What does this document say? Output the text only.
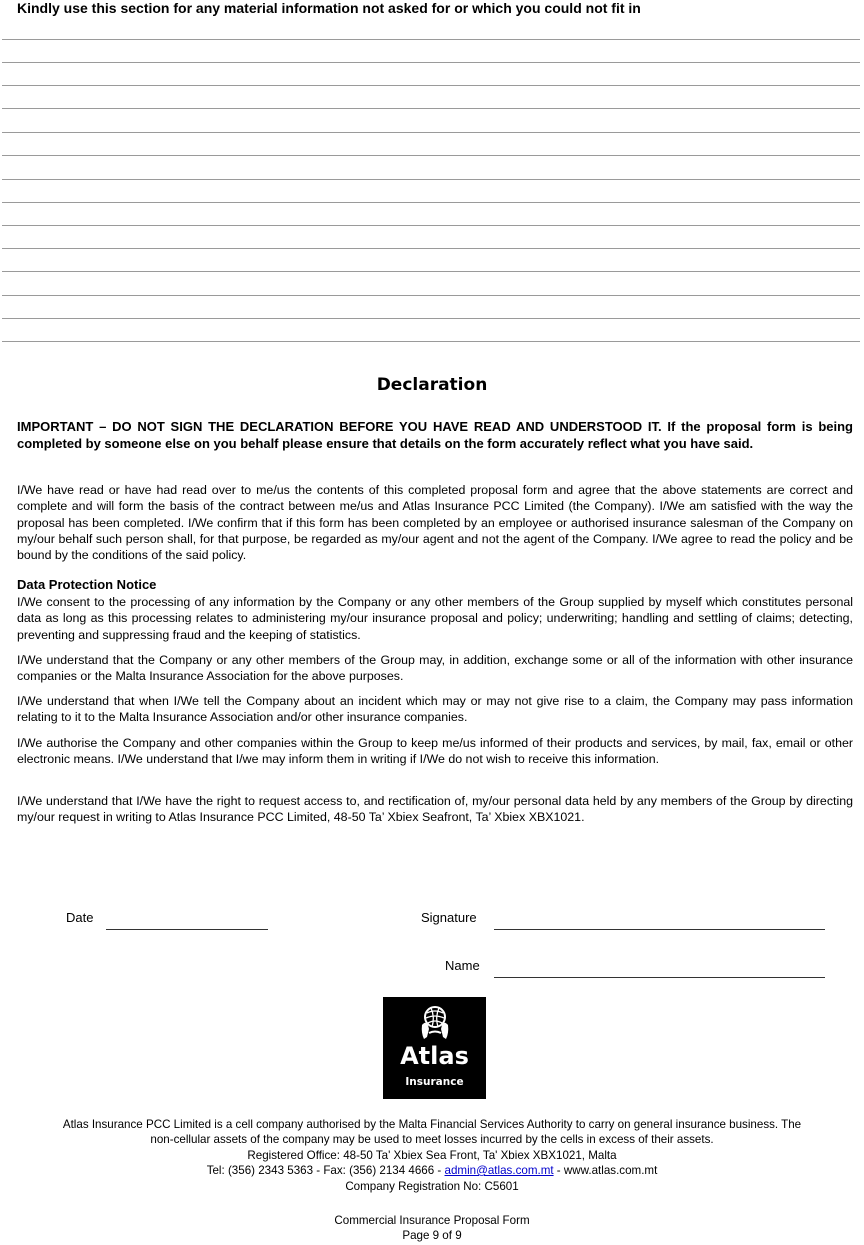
Kindly use this section for any material information not asked for or which you could not fit in
Declaration

IMPORTANT – DO NOT SIGN THE DECLARATION BEFORE YOU HAVE READ AND UNDERSTOOD IT. If the proposal form is being completed by someone else on you behalf please ensure that details on the form accurately reflect what you have said.

I/We have read or have had read over to me/us the contents of this completed proposal form and agree that the above statements are correct and complete and will form the basis of the contract between me/us and Atlas Insurance PCC Limited (the Company). I/We am satisfied with the way the proposal has been completed. I/We confirm that if this form has been completed by an employee or authorised insurance salesman of the Company on my/our behalf such person shall, for that purpose, be regarded as my/our agent and not the agent of the Company. I/We agree to read the policy and be bound by the conditions of the said policy.

Data Protection Notice

I/We consent to the processing of any information by the Company or any other members of the Group supplied by myself which constitutes personal data as long as this processing relates to administering my/our insurance proposal and policy; underwriting; handling and settling of claims; detecting, preventing and suppressing fraud and the keeping of statistics.

I/We understand that the Company or any other members of the Group may, in addition, exchange some or all of the information with other insurance companies or the Malta Insurance Association for the above purposes.

I/We understand that when I/We tell the Company about an incident which may or may not give rise to a claim, the Company may pass information relating to it to the Malta Insurance Association and/or other insurance companies.

I/We authorise the Company and other companies within the Group to keep me/us informed of their products and services, by mail, fax, email or other electronic means. I/We understand that I/we may inform them in writing if I/We do not wish to receive this information.

I/We understand that I/We have the right to request access to, and rectification of, my/our personal data held by any members of the Group by directing my/our request in writing to Atlas Insurance PCC Limited, 48-50 Ta’ Xbiex Seafront, Ta’ Xbiex XBX1021.

Date	Signature
Name
Atlas
Insurance
Atlas Insurance PCC Limited is a cell company authorised by the Malta Financial Services Authority to carry on general insurance business. The
non-cellular assets of the company may be used to meet losses incurred by the cells in excess of their assets.
Registered Office: 48-50 Ta' Xbiex Sea Front, Ta' Xbiex XBX1021, Malta
Tel: (356) 2343 5363 - Fax: (356) 2134 4666 - admin@atlas.com.mt - www.atlas.com.mt
Company Registration No: C5601
Commercial Insurance Proposal Form
Page 9 of 9
